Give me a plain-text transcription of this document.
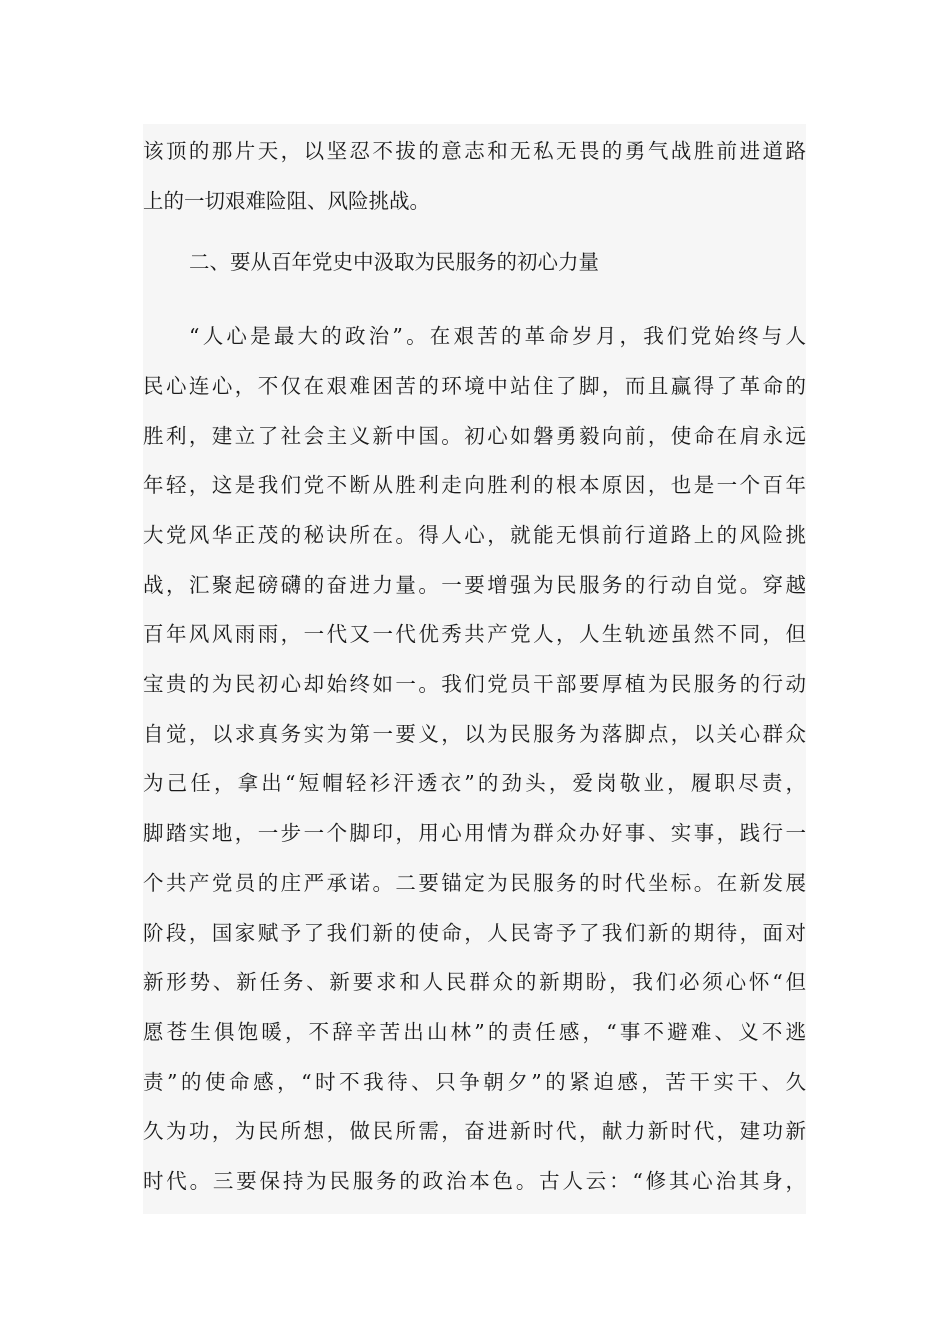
该顶的那片天，以坚忍不拔的意志和无私无畏的勇气战胜前进道路
上的一切艰难险阻、风险挑战。
二、要从百年党史中汲取为民服务的初心力量
“人心是最大的政治”。在艰苦的革命岁月，我们党始终与人
民心连心，不仅在艰难困苦的环境中站住了脚，而且赢得了革命的
胜利，建立了社会主义新中国。初心如磐勇毅向前，使命在肩永远
年轻，这是我们党不断从胜利走向胜利的根本原因，也是一个百年
大党风华正茂的秘诀所在。得人心，就能无惧前行道路上的风险挑
战，汇聚起磅礴的奋进力量。一要增强为民服务的行动自觉。穿越
百年风风雨雨，一代又一代优秀共产党人，人生轨迹虽然不同，但
宝贵的为民初心却始终如一。我们党员干部要厚植为民服务的行动
自觉，以求真务实为第一要义，以为民服务为落脚点，以关心群众
为己任，拿出“短帽轻衫汗透衣”的劲头，爱岗敬业，履职尽责，
脚踏实地，一步一个脚印，用心用情为群众办好事、实事，践行一
个共产党员的庄严承诺。二要锚定为民服务的时代坐标。在新发展
阶段，国家赋予了我们新的使命，人民寄予了我们新的期待，面对
新形势、新任务、新要求和人民群众的新期盼，我们必须心怀“但
愿苍生俱饱暖，不辞辛苦出山林”的责任感，“事不避难、义不逃
责”的使命感，“时不我待、只争朝夕”的紧迫感，苦干实干、久
久为功，为民所想，做民所需，奋进新时代，献力新时代，建功新
时代。三要保持为民服务的政治本色。古人云：“修其心治其身，
